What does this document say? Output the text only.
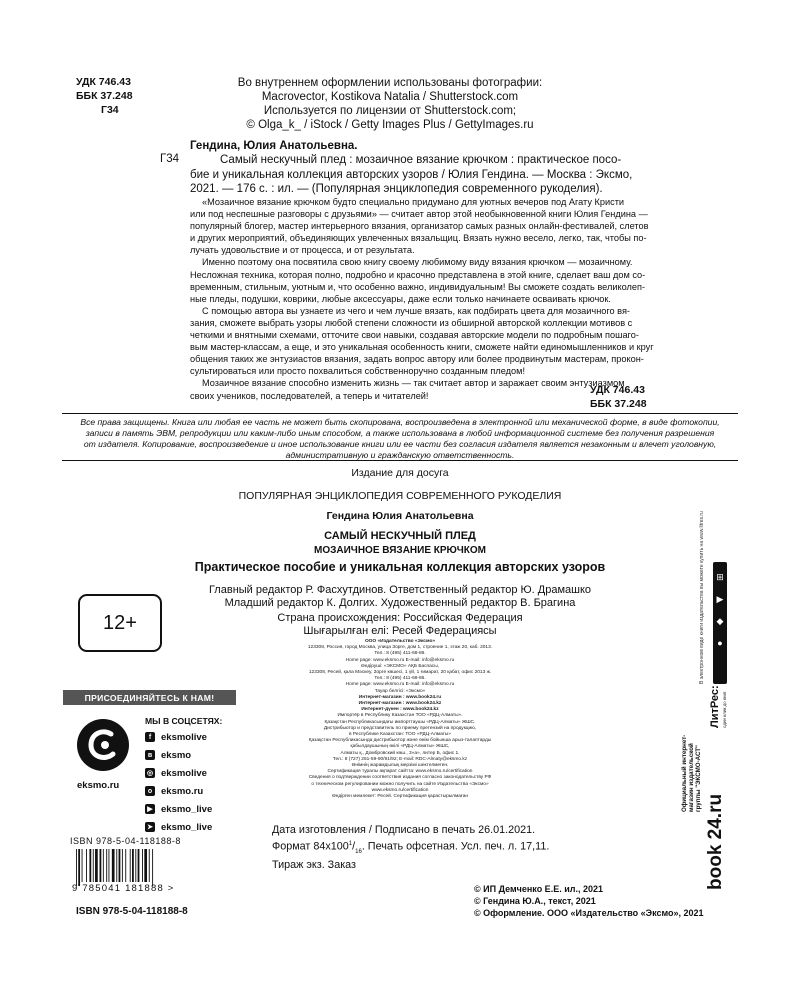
УДК 746.43
ББК 37.248
Г34
Во внутреннем оформлении использованы фотографии:
Macrovector, Kostikova Natalia / Shutterstock.com
Используется по лицензии от Shutterstock.com;
© Olga_k_ / iStock / Getty Images Plus / GettyImages.ru
Гендина, Юлия Анатольевна.
Г34	Самый нескучный плед : мозаичное вязание крючком : практическое посо-
бие и уникальная коллекция авторских узоров / Юлия Гендина. — Москва : Эксмо,
2021. — 176 с. : ил. — (Популярная энциклопедия современного рукоделия).
«Мозаичное вязание крючком будто специально придумано для уютных вечеров под Агату Кристи
или под неспешные разговоры с друзьями» — считает автор этой необыкновенной книги Юлия Гендина —
популярный блогер, мастер интерьерного вязания, организатор самых разных онлайн-фестивалей, слетов
и других мероприятий, объединяющих увлеченных вязальщиц. Вязать нужно весело, легко, так, чтобы по-
лучать удовольствие и от процесса, и от результата.
Именно поэтому она посвятила свою книгу своему любимому виду вязания крючком — мозаичному.
Несложная техника, которая полно, подробно и красочно представлена в этой книге, сделает ваш дом со-
временным, стильным, уютным и, что особенно важно, индивидуальным! Вы сможете создать великолеп-
ные пледы, подушки, коврики, любые аксессуары, даже если только начинаете осваивать крючок.
С помощью автора вы узнаете из чего и чем лучше вязать, как подбирать цвета для мозаичного вя-
зания, сможете выбрать узоры любой степени сложности из обширной авторской коллекции мотивов с
четкими и внятными схемами, отточите свои навыки, создавая авторские модели по подробным пошаго-
вым мастер-классам, а еще, и это уникальная особенность книги, сможете найти единомышленников и круг
общения таких же энтузиастов вязания, задать вопрос автору или более продвинутым мастерам, прокон-
сультироваться или просто похвалиться собственноручно созданным пледом!
Мозаичное вязание способно изменить жизнь — так считает автор и заражает своим энтузиазмом
своих учеников, последователей, а теперь и читателей!	УДК 746.43
ББК 37.248
Все права защищены. Книга или любая ее часть не может быть скопирована, воспроизведена в электронной или механической форме, в виде фотокопии,
записи в память ЭВМ, репродукции или каким-либо иным способом, а также использована в любой информационной системе без получения разрешения
от издателя. Копирование, воспроизведение и иное использование книги или ее части без согласия издателя является незаконным и влечет уголовную,
административную и гражданскую ответственность.
Издание для досуга
ПОПУЛЯРНАЯ ЭНЦИКЛОПЕДИЯ СОВРЕМЕННОГО РУКОДЕЛИЯ
Гендина Юлия Анатольевна
САМЫЙ НЕСКУЧНЫЙ ПЛЕД
МОЗАИЧНОЕ ВЯЗАНИЕ КРЮЧКОМ
Практическое пособие и уникальная коллекция авторских узоров
Главный редактор Р. Фасхутдинов. Ответственный редактор Ю. Драмашко
Младший редактор К. Долгих. Художественный редактор В. Брагина
Страна происхождения: Российская Федерация
Шығарылған елі: Ресей Федерациясы
12+
ООО «Издательство «Эксмо»
123308, Россия, город Москва, улица Зорге, дом 1, строение 1, этаж 20, каб. 2013.
Тел.: 8 (495) 411-68-86.
Home page: www.eksmo.ru E-mail: info@eksmo.ru
Өндіруші: «ЭКСМО» АҚБ Баспасы,
123308, Ресей, қала Мәскеу, Зорге көшесі, 1 үй, 1 ғимарат, 20 қабат, офис 2013 ж.
Тел.: 8 (495) 411-68-86.
Home page: www.eksmo.ru E-mail: info@eksmo.ru
Тауар белгісі: «Эксмо»
Интернет-магазин : www.book24.ru
Интернет-магазин : www.book24.kz
Интернет-дүкен : www.book24.kz
Импортёр в Республику Казахстан ТОО «РДЦ-Алматы».
Қазақстан Республикасындағы импорттаушы «РДЦ-Алматы» ЖШС.
Дистрибьютор и представитель по приему претензий на продукцию,
в Республике Казахстан: ТОО «РДЦ-Алматы»
Қазақстан Республикасында дистрибьютор және өнім бойынша арыз-талаптарды
қабылдаушының өкілі «РДЦ-Алматы» ЖШС,
Алматы қ., Домбровский көш., 3«а», литер Б, офис 1.
Тел.: 8 (727) 251-59-90/91/92; E-mail: RDC-Almaty@eksmo.kz
Өнімнің жарамдылық мерзімі шектелмеген.
Сертификация туралы ақпарат сайтта: www.eksmo.ru/certification
Сведения о подтверждении соответствия издания согласно законодательству РФ
о техническом регулировании можно получить на сайте Издательства «Эксмо»
www.eksmo.ru/certification
Өндірген мемлекет: Ресей. Сертификация қарастырылмаған
Дата изготовления / Подписано в печать 26.01.2021.
Формат $84x100^1/_{16}$. Печать офсетная. Усл. печ. л. 17,11.
Тираж экз. Заказ
ПРИСОЕДИНЯЙТЕСЬ К НАМ!
eksmo.ru
МЫ В СОЦСЕТЯХ:
f	eksmolive
в eksmo
◎ eksmolive
о eksmo.ru
▶ eksmo_live
➤ eksmo_live
ISBN 978-5-04-118188-8
9 785041 181888 >
ISBN 978-5-04-118188-8
© ИП Демченко Е.Е. ил., 2021
© Гендина Ю.А., текст, 2021
© Оформление. ООО «Издательство «Эксмо», 2021
⊞
▶
◆
●
В электронном виде книги издательства вы можете купить на www.litres.ru
ЛитРес: один клик до книг
Официальный интернет-магазин издательской группы "ЭКСМО-АСТ"
book 24.ru
